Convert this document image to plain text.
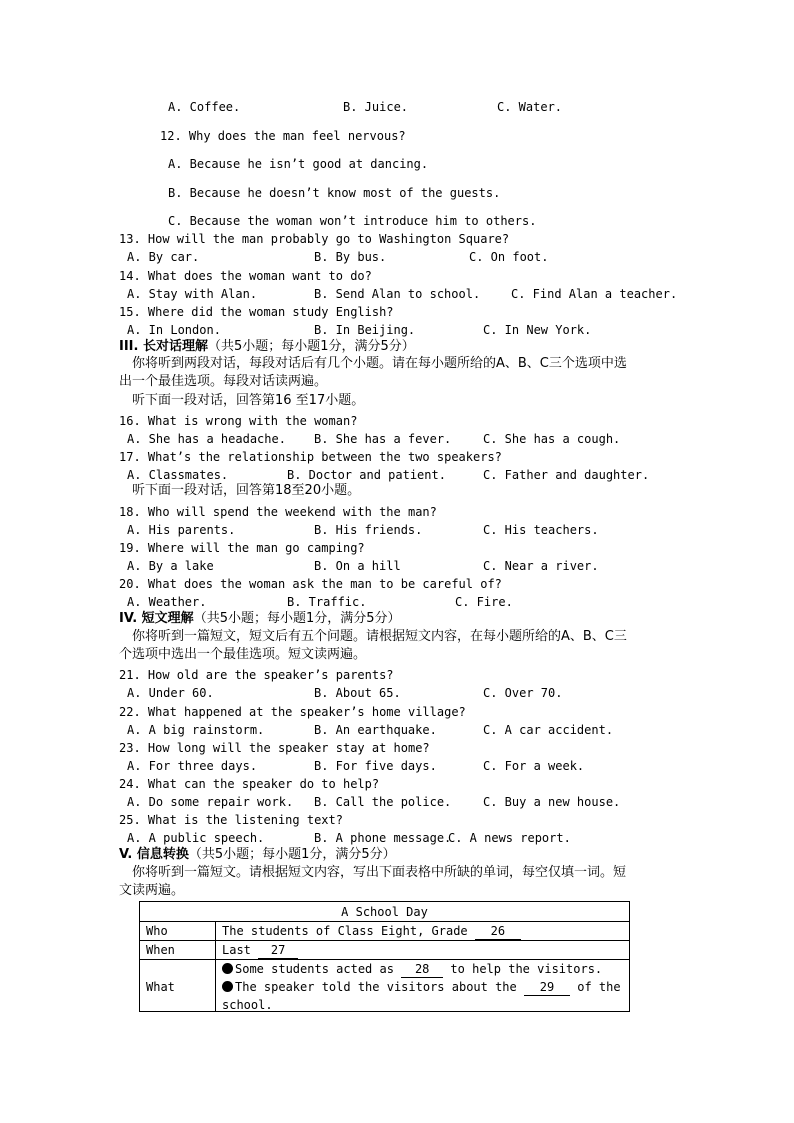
A. Coffee.	B. Juice.	C. Water.
12. Why does the man feel nervous?
A. Because he isn’t good at dancing.
B. Because he doesn’t know most of the guests.
C. Because the woman won’t introduce him to others.
13. How will the man probably go to Washington Square?
A. By car.	B. By bus.	C. On foot.
14. What does the woman want to do?
A. Stay with Alan.	B. Send Alan to school.	C. Find Alan a teacher.
15. Where did the woman study English?
A. In London.	B. In Beijing.	C. In New York.
III. 长对话理解（共5小题；每小题1分，满分5分）
你将听到两段对话，每段对话后有几个小题。请在每小题所给的A、B、C三个选项中选
出一个最佳选项。每段对话读两遍。
听下面一段对话，回答第16 至17小题。
16. What is wrong with the woman?
A. She has a headache. B. She has a fever.	C. She has a cough.
17. What’s the relationship between the two speakers?
A. Classmates.	B. Doctor and patient.	C. Father and daughter.
听下面一段对话，回答第18至20小题。
18. Who will spend the weekend with the man?
A. His parents.	B. His friends.	C. His teachers.
19. Where will the man go camping?
A. By a lake	B. On a hill	C. Near a river.
20. What does the woman ask the man to be careful of?
A. Weather.	B. Traffic.	C. Fire.
IV. 短文理解（共5小题；每小题1分，满分5分）
你将听到一篇短文，短文后有五个问题。请根据短文内容，在每小题所给的A、B、C三
个选项中选出一个最佳选项。短文读两遍。
21. How old are the speaker’s parents?
A. Under 60.	B. About 65.	C. Over 70.
22. What happened at the speaker’s home village?
A. A big rainstorm.	B. An earthquake.	C. A car accident.
23. How long will the speaker stay at home?
A. For three days.	B. For five days.	C. For a week.
24. What can the speaker do to help?
A. Do some repair work. B. Call the police.	C. Buy a new house.
25. What is the listening text?
A. A public speech.	B. A phone message.
C. A news report.
V. 信息转换（共5小题；每小题1分，满分5分）
你将听到一篇短文。请根据短文内容，写出下面表格中所缺的单词，每空仅填一词。短
文读两遍。
A School Day
Who	The students of Class Eight, Grade 26
When	Last 27
What
Some students acted as 28 to help the visitors.
The speaker told the visitors about the 29 of the
school.
